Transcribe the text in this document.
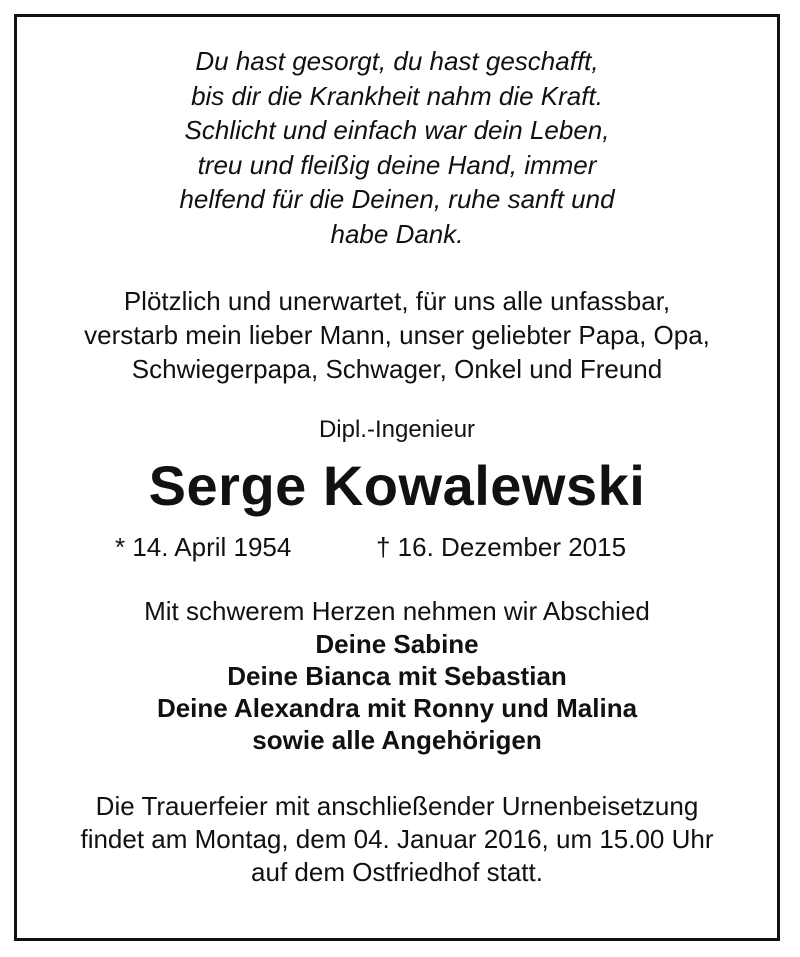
Du hast gesorgt, du hast geschafft,
bis dir die Krankheit nahm die Kraft.
Schlicht und einfach war dein Leben,
treu und fleißig deine Hand, immer
helfend für die Deinen, ruhe sanft und
habe Dank.
Plötzlich und unerwartet, für uns alle unfassbar,
verstarb mein lieber Mann, unser geliebter Papa, Opa,
Schwiegerpapa, Schwager, Onkel und Freund
Dipl.-Ingenieur
Serge Kowalewski
* 14. April 1954	† 16. Dezember 2015
Mit schwerem Herzen nehmen wir Abschied
Deine Sabine
Deine Bianca mit Sebastian
Deine Alexandra mit Ronny und Malina
sowie alle Angehörigen
Die Trauerfeier mit anschließender Urnenbeisetzung
findet am Montag, dem 04. Januar 2016, um 15.00 Uhr
auf dem Ostfriedhof statt.
